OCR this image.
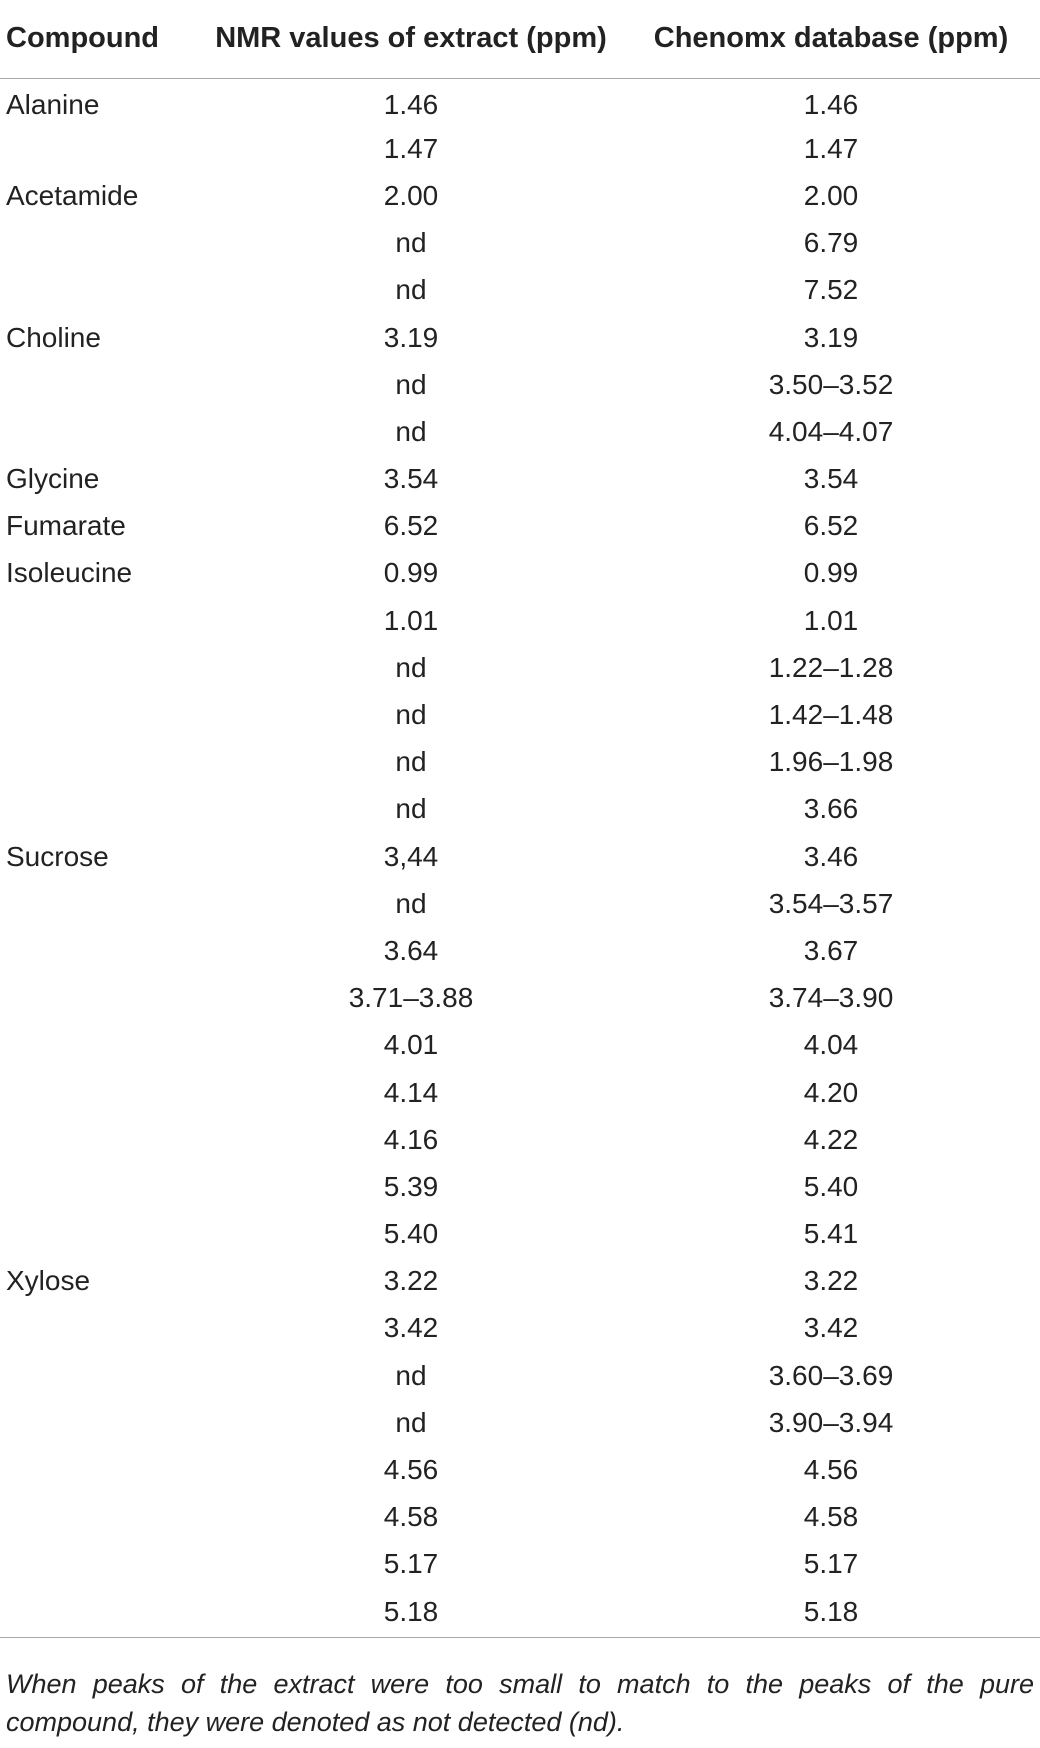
Compound	NMR values of extract (ppm)	Chenomx database (ppm)
Alanine	1.46	1.46
	1.47	1.47
Acetamide	2.00	2.00
	nd	6.79
	nd	7.52
Choline	3.19	3.19
	nd	3.50–3.52
	nd	4.04–4.07
Glycine	3.54	3.54
Fumarate	6.52	6.52
Isoleucine	0.99	0.99
	1.01	1.01
	nd	1.22–1.28
	nd	1.42–1.48
	nd	1.96–1.98
	nd	3.66
Sucrose	3,44	3.46
	nd	3.54–3.57
	3.64	3.67
	3.71–3.88	3.74–3.90
	4.01	4.04
	4.14	4.20
	4.16	4.22
	5.39	5.40
	5.40	5.41
Xylose	3.22	3.22
	3.42	3.42
	nd	3.60–3.69
	nd	3.90–3.94
	4.56	4.56
	4.58	4.58
	5.17	5.17
	5.18	5.18
When peaks of the extract were too small to match to the peaks of the pure compound, they were denoted as not detected (nd).
